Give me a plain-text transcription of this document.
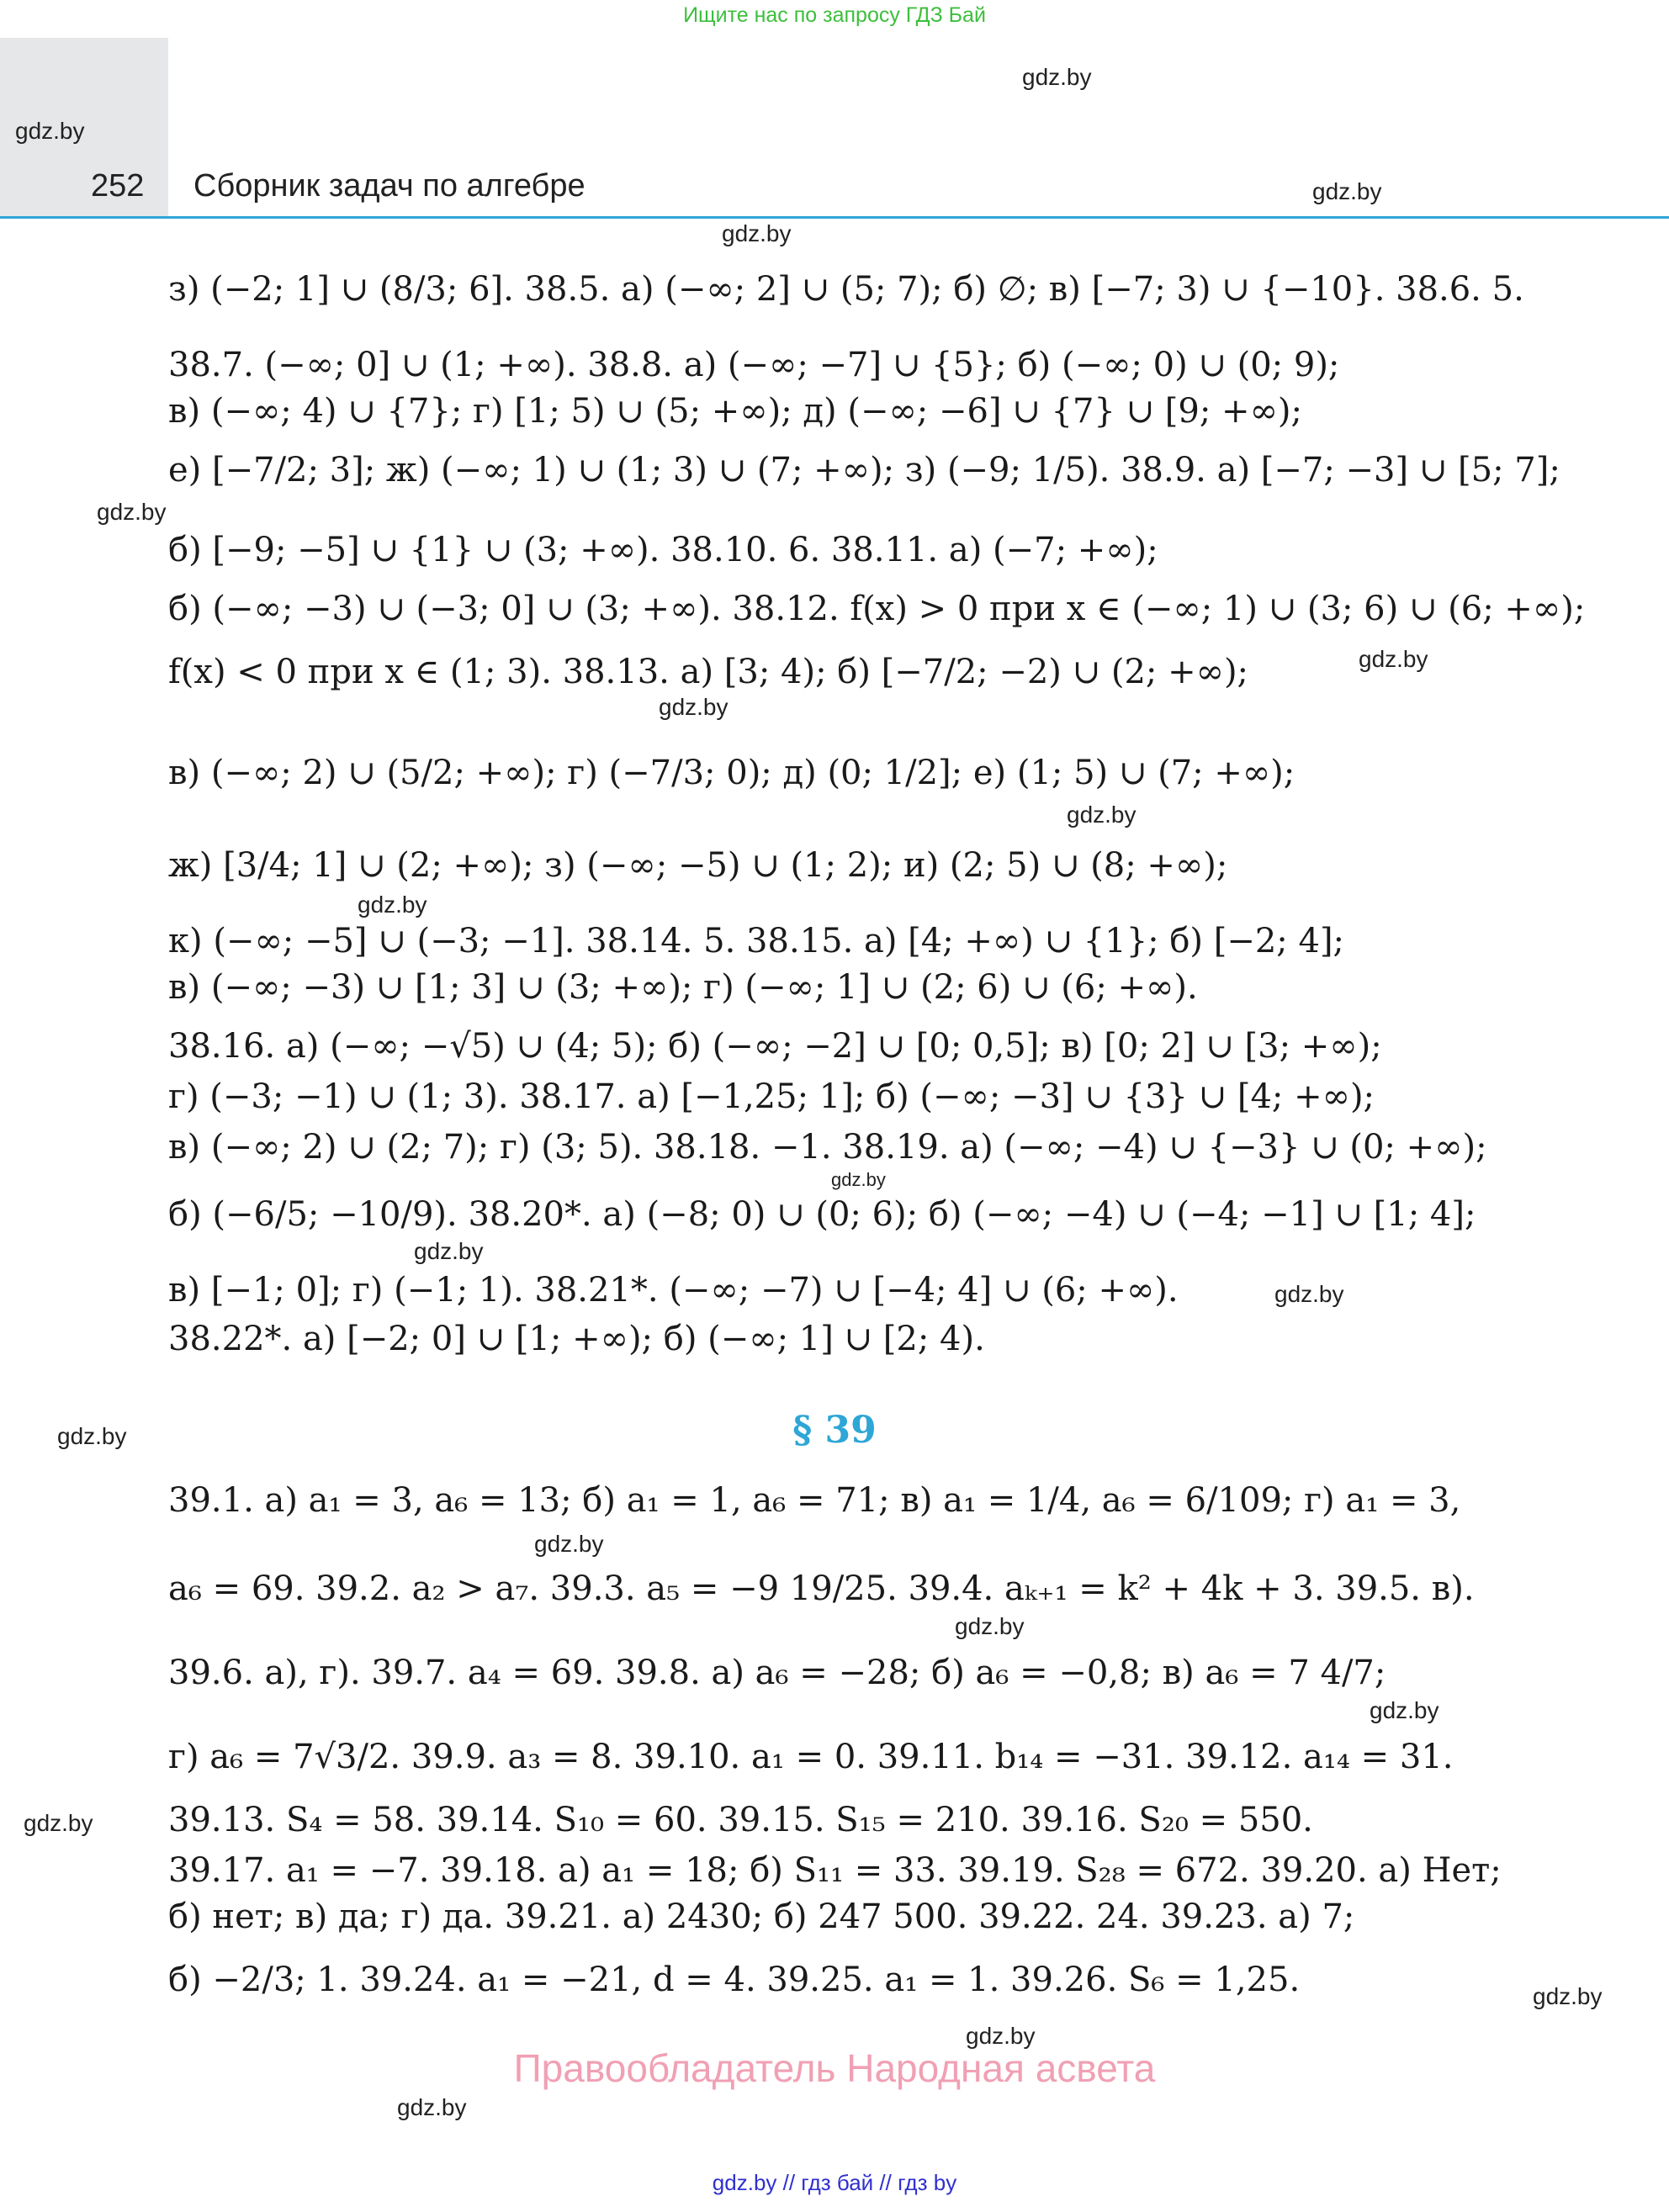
Ищите нас по запросу ГДЗ Бай
252 Сборник задач по алгебре
gdz.by
gdz.by
gdz.by
gdz.by
gdz.by
gdz.by
gdz.by
gdz.by
gdz.by
gdz.by
gdz.by
gdz.by
gdz.by
gdz.by
gdz.by
gdz.by
gdz.by
gdz.by
gdz.by
gdz.by
з) (−2; 1] ∪ (8/3; 6]. 38.5. а) (−∞; 2] ∪ (5; 7); б) ∅; в) [−7; 3) ∪ {−10}. 38.6. 5.
38.7. (−∞; 0] ∪ (1; +∞). 38.8. а) (−∞; −7] ∪ {5}; б) (−∞; 0) ∪ (0; 9);
в) (−∞; 4) ∪ {7}; г) [1; 5) ∪ (5; +∞); д) (−∞; −6] ∪ {7} ∪ [9; +∞);
е) [−7/2; 3]; ж) (−∞; 1) ∪ (1; 3) ∪ (7; +∞); з) (−9; 1/5). 38.9. а) [−7; −3] ∪ [5; 7];
б) [−9; −5] ∪ {1} ∪ (3; +∞). 38.10. 6. 38.11. а) (−7; +∞);
б) (−∞; −3) ∪ (−3; 0] ∪ (3; +∞). 38.12. f(x) > 0 при x ∈ (−∞; 1) ∪ (3; 6) ∪ (6; +∞);
f(x) < 0 при x ∈ (1; 3). 38.13. а) [3; 4); б) [−7/2; −2) ∪ (2; +∞);
в) (−∞; 2) ∪ (5/2; +∞); г) (−7/3; 0); д) (0; 1/2]; е) (1; 5) ∪ (7; +∞);
ж) [3/4; 1] ∪ (2; +∞); з) (−∞; −5) ∪ (1; 2); и) (2; 5) ∪ (8; +∞);
к) (−∞; −5] ∪ (−3; −1]. 38.14. 5. 38.15. а) [4; +∞) ∪ {1}; б) [−2; 4];
в) (−∞; −3) ∪ [1; 3] ∪ (3; +∞); г) (−∞; 1] ∪ (2; 6) ∪ (6; +∞).
38.16. а) (−∞; −√5) ∪ (4; 5); б) (−∞; −2] ∪ [0; 0,5]; в) [0; 2] ∪ [3; +∞);
г) (−3; −1) ∪ (1; 3). 38.17. а) [−1,25; 1]; б) (−∞; −3] ∪ {3} ∪ [4; +∞);
в) (−∞; 2) ∪ (2; 7); г) (3; 5). 38.18. −1. 38.19. а) (−∞; −4) ∪ {−3} ∪ (0; +∞);
б) (−6/5; −10/9). 38.20*. а) (−8; 0) ∪ (0; 6); б) (−∞; −4) ∪ (−4; −1] ∪ [1; 4];
в) [−1; 0]; г) (−1; 1). 38.21*. (−∞; −7) ∪ [−4; 4] ∪ (6; +∞).
38.22*. а) [−2; 0] ∪ [1; +∞); б) (−∞; 1] ∪ [2; 4).
§ 39
39.1. а) a₁ = 3, a₆ = 13; б) a₁ = 1, a₆ = 71; в) a₁ = 1/4, a₆ = 6/109; г) a₁ = 3,
a₆ = 69. 39.2. a₂ > a₇. 39.3. a₅ = −9 19/25. 39.4. aₖ₊₁ = k² + 4k + 3. 39.5. в).
39.6. а), г). 39.7. a₄ = 69. 39.8. а) a₆ = −28; б) a₆ = −0,8; в) a₆ = 7 4/7;
г) a₆ = 7√3/2. 39.9. a₃ = 8. 39.10. a₁ = 0. 39.11. b₁₄ = −31. 39.12. a₁₄ = 31.
39.13. S₄ = 58. 39.14. S₁₀ = 60. 39.15. S₁₅ = 210. 39.16. S₂₀ = 550.
39.17. a₁ = −7. 39.18. а) a₁ = 18; б) S₁₁ = 33. 39.19. S₂₈ = 672. 39.20. а) Нет;
б) нет; в) да; г) да. 39.21. а) 2430; б) 247 500. 39.22. 24. 39.23. а) 7;
б) −2/3; 1. 39.24. a₁ = −21, d = 4. 39.25. a₁ = 1. 39.26. S₆ = 1,25.
Правообладатель Народная асвета
gdz.by // гдз бай // гдз by
